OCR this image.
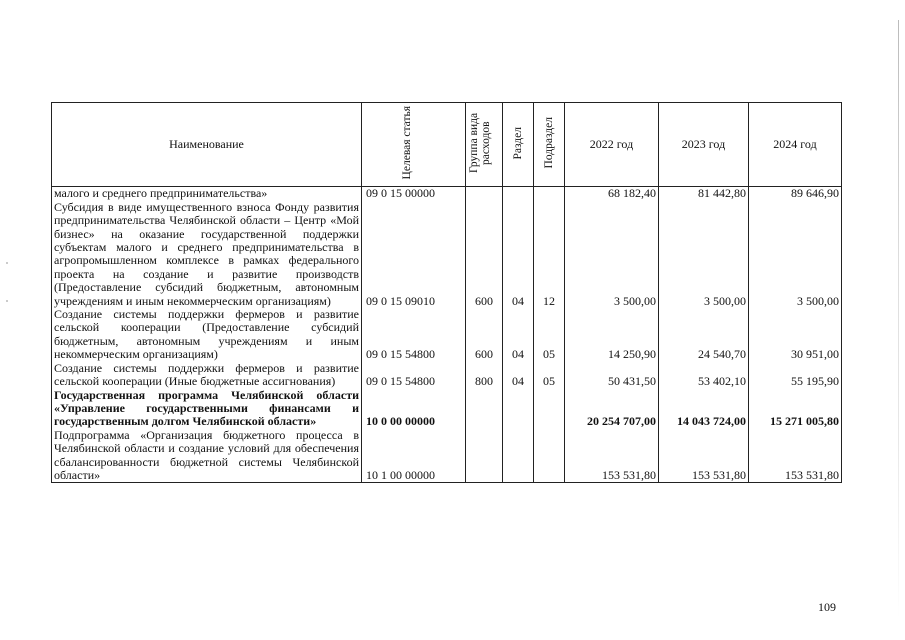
Наименование	Целевая статья	Группа вида расходов	Раздел	Подраздел	2022 год	2023 год	2024 год
малого и среднего предпринимательства»	09 0 15 00000				68 182,40	81 442,80	89 646,90
Субсидия в виде имущественного взноса Фонду развития предпринимательства Челябинской области – Центр «Мой бизнес» на оказание государственной поддержки субъектам малого и среднего предпринимательства в агропромышленном комплексе в рамках федерального проекта на создание и развитие производств (Предоставление субсидий бюджетным, автономным учреждениям и иным некоммерческим организациям)	09 0 15 09010	600	04	12	3 500,00	3 500,00	3 500,00
Создание системы поддержки фермеров и развитие сельской кооперации (Предоставление субсидий бюджетным, автономным учреждениям и иным некоммерческим организациям)	09 0 15 54800	600	04	05	14 250,90	24 540,70	30 951,00
Создание системы поддержки фермеров и развитие сельской кооперации (Иные бюджетные ассигнования)	09 0 15 54800	800	04	05	50 431,50	53 402,10	55 195,90
Государственная программа Челябинской области «Управление государственными финансами и государственным долгом Челябинской области»	10 0 00 00000				20 254 707,00	14 043 724,00	15 271 005,80
Подпрограмма «Организация бюджетного процесса в Челябинской области и создание условий для обеспечения сбалансированности бюджетной системы Челябинской области»	10 1 00 00000				153 531,80	153 531,80	153 531,80
109
